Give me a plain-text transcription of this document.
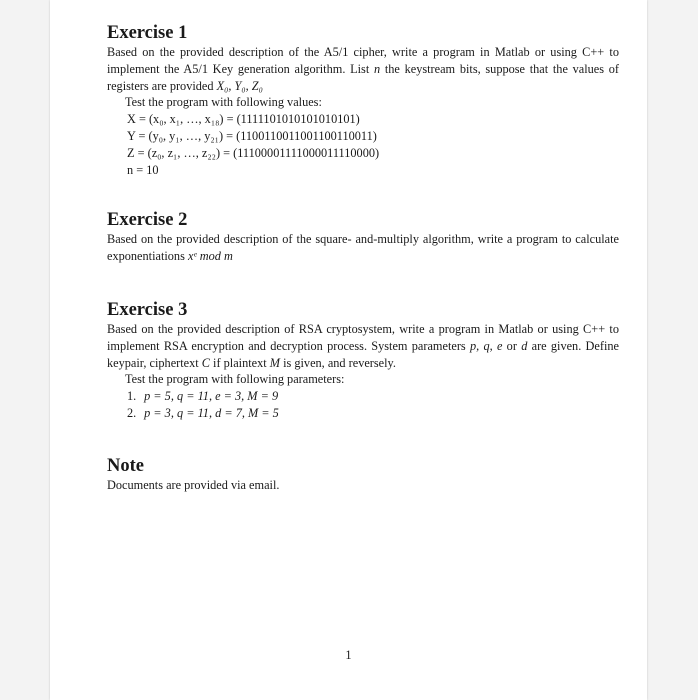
Exercise 1

Based on the provided description of the A5/1 cipher, write a program in Matlab or using C++ to implement the A5/1 Key generation algorithm. List n the keystream bits, suppose that the values of registers are provided X₀, Y₀, Z₀

Test the program with following values:
X = (x₀, x₁, …, x₁₈) = (1111101010101010101)
Y = (y₀, y₁, …, y₂₁) = (1100110011001100110011)
Z = (z₀, z₁, …, z₂₂) = (11100001111000011110000)
n = 10
Exercise 2

Based on the provided description of the square- and-multiply algorithm, write a program to calculate exponentiations xᵉ mod m

Exercise 3

Based on the provided description of RSA cryptosystem, write a program in Matlab or using C++ to implement RSA encryption and decryption process. System parameters p, q, e or d are given. Define keypair, ciphertext C if plaintext M is given, and reversely.

Test the program with following parameters:
1. p = 5, q = 11, e = 3, M = 9
2. p = 3, q = 11, d = 7, M = 5
Note

Documents are provided via email.

1
